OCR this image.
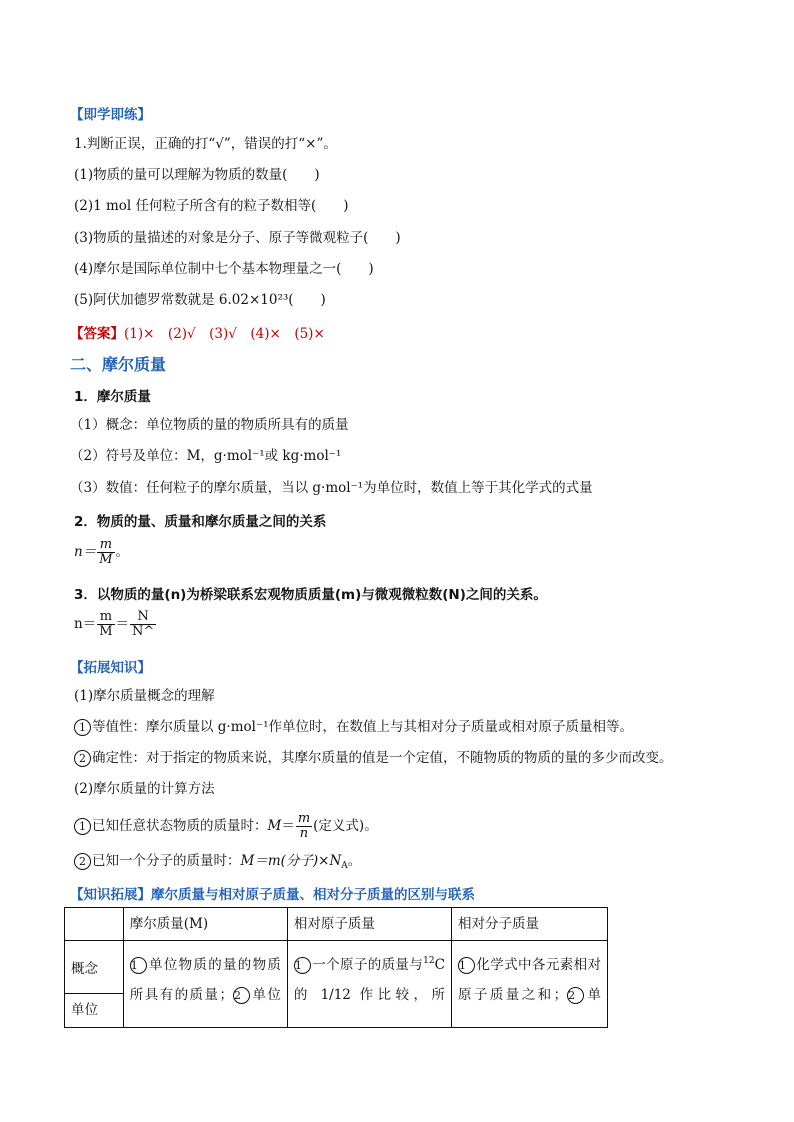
【即学即练】
1.判断正误，正确的打“√”，错误的打“×”。
(1)物质的量可以理解为物质的数量(　　)
(2)1 mol 任何粒子所含有的粒子数相等(　　)
(3)物质的量描述的对象是分子、原子等微观粒子(　　)
(4)摩尔是国际单位制中七个基本物理量之一(　　)
(5)阿伏加德罗常数就是 6.02×10²³(　　)
【答案】(1)×　(2)√　(3)√　(4)×　(5)×
二、摩尔质量
1．摩尔质量
（1）概念：单位物质的量的物质所具有的质量
（2）符号及单位：M，g·mol⁻¹或 kg·mol⁻¹
（3）数值：任何粒子的摩尔质量，当以 g·mol⁻¹为单位时，数值上等于其化学式的式量
2．物质的量、质量和摩尔质量之间的关系
$n= \frac{m}{M}$ 。
3．以物质的量(n)为桥梁联系宏观物质质量(m)与微观微粒数(N)之间的关系。
$n= \frac{m}{M} = \frac{N}{N\^{}}$
【拓展知识】
(1)摩尔质量概念的理解
1 等值性：摩尔质量以 g·mol⁻¹作单位时，在数值上与其相对分子质量或相对原子质量相等。
2 确定性：对于指定的物质来说，其摩尔质量的值是一个定值，不随物质的物质的量的多少而改变。
(2)摩尔质量的计算方法
1 已知任意状态物质的质量时：$M= \frac{m}{n}$ (定义式)。
2 已知一个分子的质量时：M＝m(分子)$\times N_A$。
【知识拓展】摩尔质量与相对原子质量、相对分子质量的区别与联系
	摩尔质量(M)	相对原子质量	相对分子质量
概念	1 单位物质的量的物质所具有的质量；2 单位	1 一个原子的质量与$^{12}$C 的 1/12 作比较，所	1 化学式中各元素相对原子质量之和；2 单

单位			
